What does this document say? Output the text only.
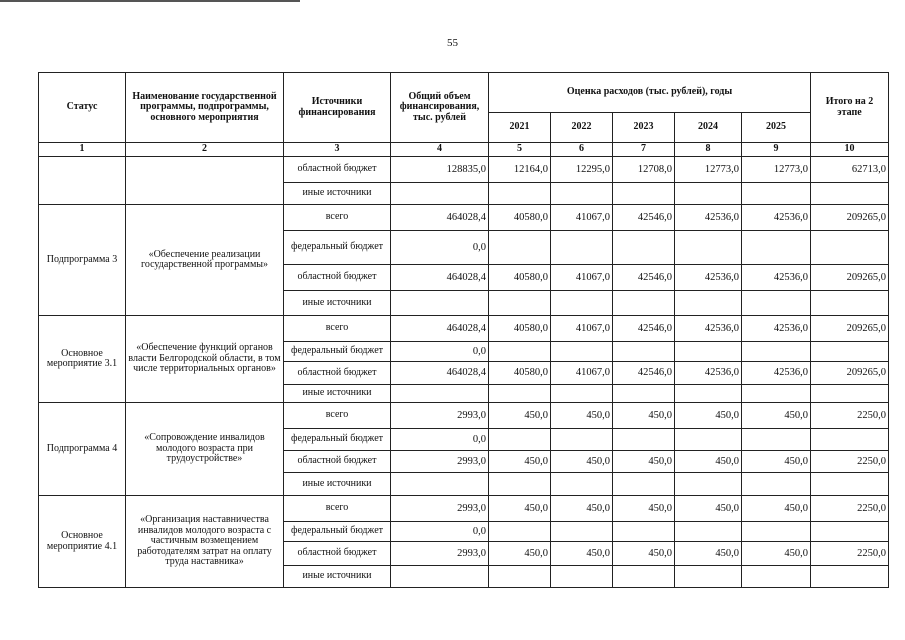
55
Статус	Наименование государственной программы, подпрограммы, основного мероприятия	Источники финансирования	Общий объем финансирования, тыс. рублей	Оценка расходов (тыс. рублей), годы					Итого на 2 этапе
				2021	2022	2023	2024	2025	
1	2	3	4	5	6	7	8	9	10
		областной бюджет	128835,0	12164,0	12295,0	12708,0	12773,0	12773,0	62713,0
		иные источники							
Подпрограмма 3	«Обеспечение реализации государственной программы»	всего	464028,4	40580,0	41067,0	42546,0	42536,0	42536,0	209265,0
		федеральный бюджет	0,0						
		областной бюджет	464028,4	40580,0	41067,0	42546,0	42536,0	42536,0	209265,0
		иные источники							
Основное мероприятие 3.1	«Обеспечение функций органов власти Белгородской области, в том числе территориальных органов»	всего	464028,4	40580,0	41067,0	42546,0	42536,0	42536,0	209265,0
		федеральный бюджет	0,0						
		областной бюджет	464028,4	40580,0	41067,0	42546,0	42536,0	42536,0	209265,0
		иные источники							
Подпрограмма 4	«Сопровождение инвалидов молодого возраста при трудоустройстве»	всего	2993,0	450,0	450,0	450,0	450,0	450,0	2250,0
		федеральный бюджет	0,0						
		областной бюджет	2993,0	450,0	450,0	450,0	450,0	450,0	2250,0
		иные источники							
Основное мероприятие 4.1	«Организация наставничества инвалидов молодого возраста с частичным возмещением работодателям затрат на оплату труда наставника»	всего	2993,0	450,0	450,0	450,0	450,0	450,0	2250,0
		федеральный бюджет	0,0						
		областной бюджет	2993,0	450,0	450,0	450,0	450,0	450,0	2250,0
		иные источники							
